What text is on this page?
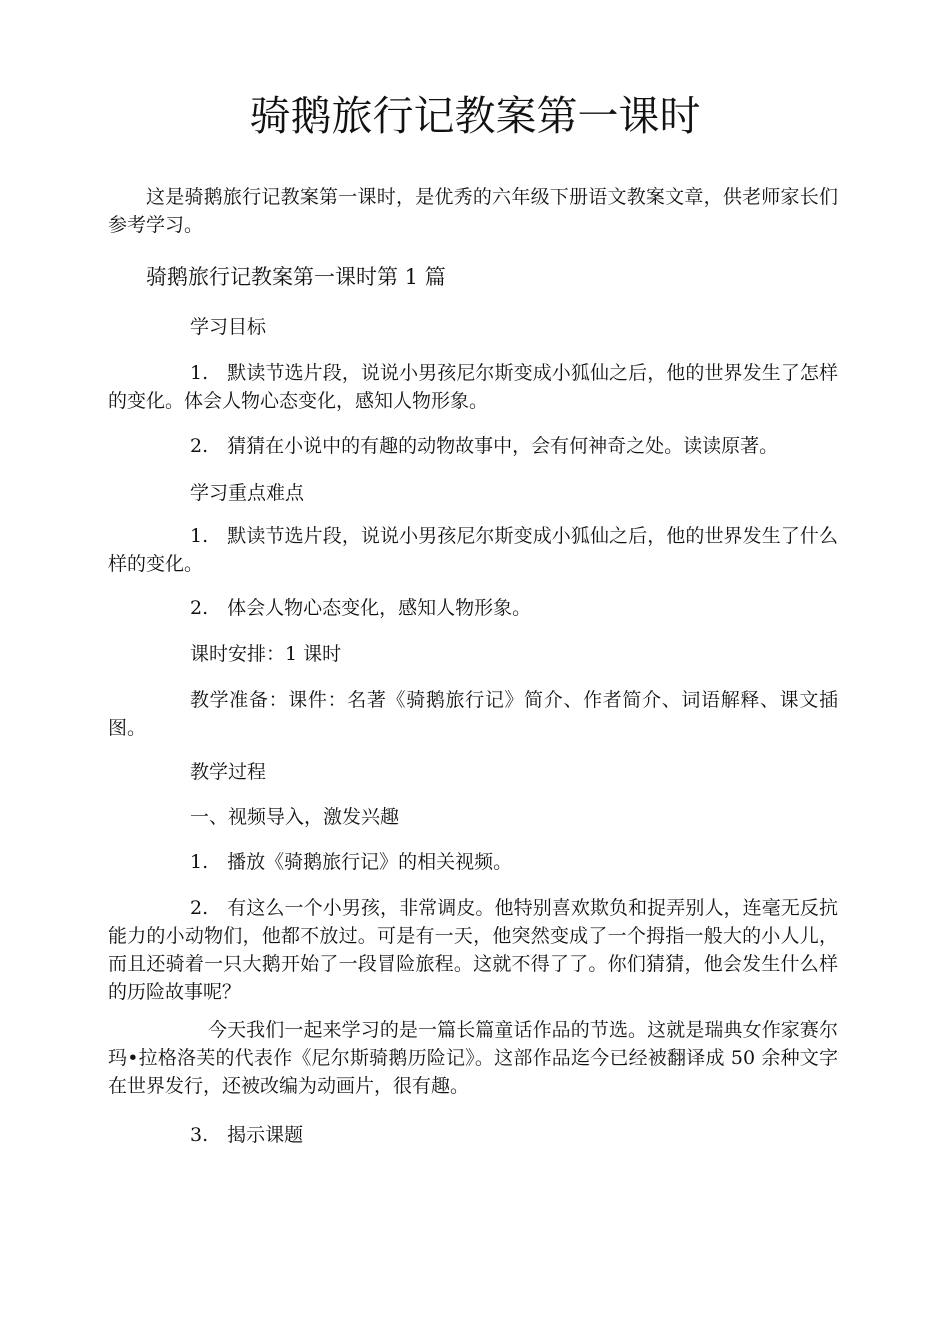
骑鹅旅行记教案第一课时

这是骑鹅旅行记教案第一课时，是优秀的六年级下册语文教案文章，供老师家长们参考学习。

骑鹅旅行记教案第一课时第 1 篇

学习目标

1.　默读节选片段，说说小男孩尼尔斯变成小狐仙之后，他的世界发生了怎样的变化。体会人物心态变化，感知人物形象。

2.　猜猜在小说中的有趣的动物故事中，会有何神奇之处。读读原著。

学习重点难点

1.　默读节选片段，说说小男孩尼尔斯变成小狐仙之后，他的世界发生了什么样的变化。

2.　体会人物心态变化，感知人物形象。

课时安排：1 课时

教学准备：课件：名著《骑鹅旅行记》简介、作者简介、词语解释、课文插图。

教学过程

一、视频导入，激发兴趣

1.　播放《骑鹅旅行记》的相关视频。

2.　有这么一个小男孩，非常调皮。他特别喜欢欺负和捉弄别人，连毫无反抗能力的小动物们，他都不放过。可是有一天，他突然变成了一个拇指一般大的小人儿，而且还骑着一只大鹅开始了一段冒险旅程。这就不得了了。你们猜猜，他会发生什么样的历险故事呢？

今天我们一起来学习的是一篇长篇童话作品的节选。这就是瑞典女作家赛尔玛•拉格洛芙的代表作《尼尔斯骑鹅历险记》。这部作品迄今已经被翻译成 50 余种文字在世界发行，还被改编为动画片，很有趣。

3.　揭示课题
